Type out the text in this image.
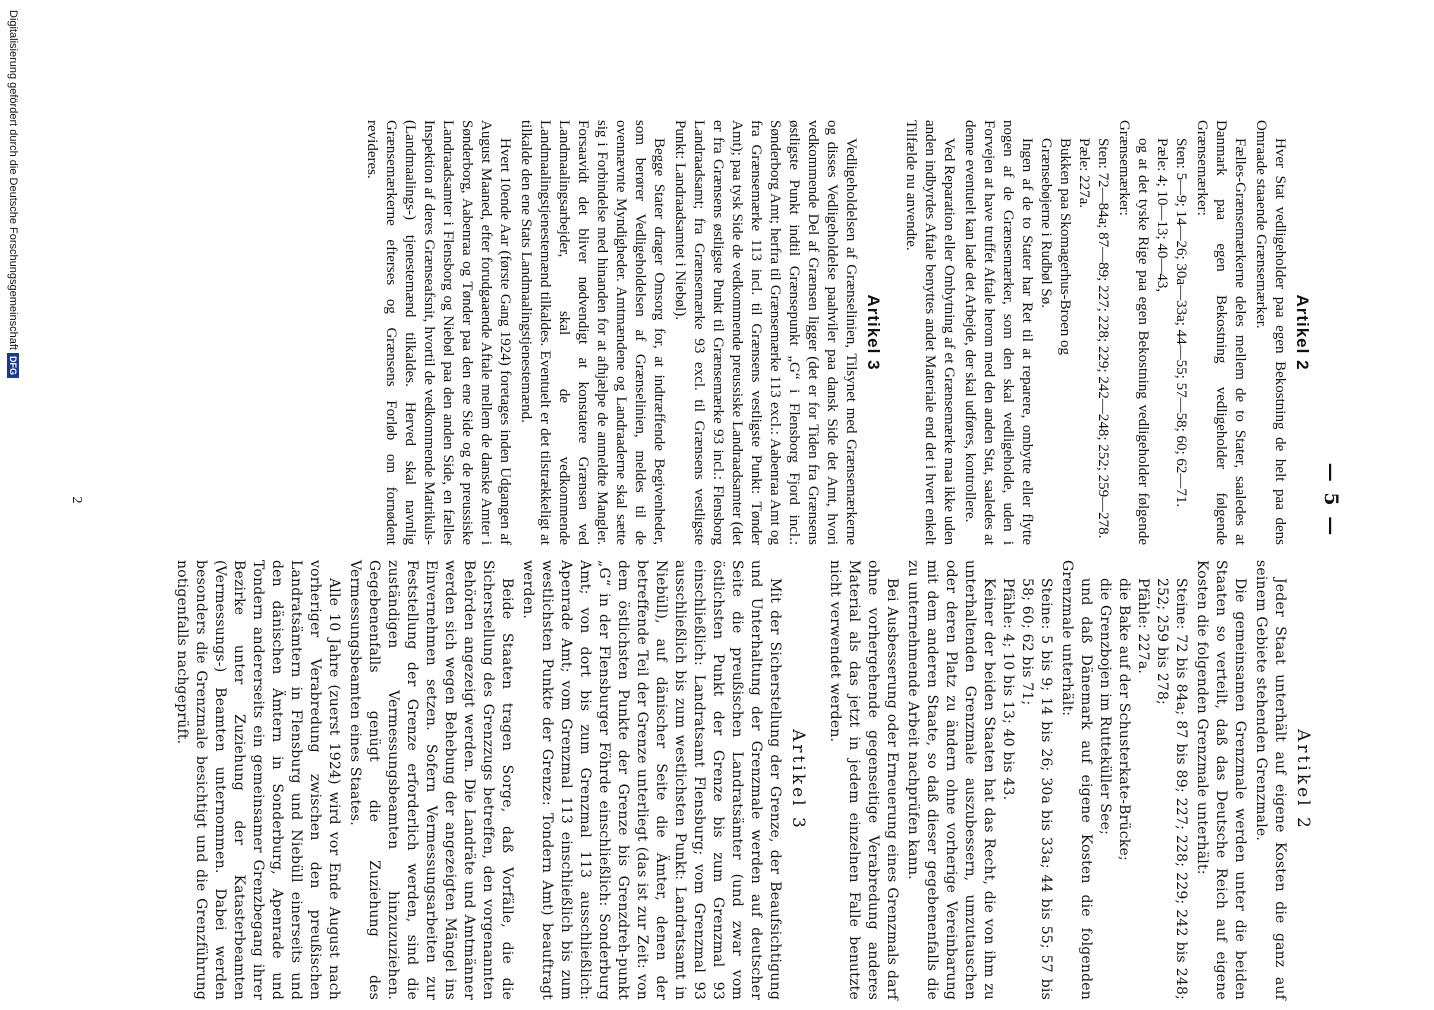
— 5 —
Artikel 2

Hver Stat vedligeholder paa egen Bekostning de helt paa dens Omraade staaende Grænsemærker.

Fælles-Grænsemærkerne deles mellem de to Stater, saaledes at Danmark paa egen Bekostning vedligeholder følgende Grænsemærker:

Sten: 5—9; 14—26; 30a—33a; 44—55; 57—58; 60; 62—71.

Pæle: 4; 10—13; 40—43,

og at det tyske Rige paa egen Bekostning vedligeholder følgende Grænsemærker:

Sten: 72—84a; 87—89; 227; 228; 229; 242—248; 252; 259—278.

Pæle: 227a.

Bukken paa Skomagerhus-Broen og

Grænsebøjerne i Rudbøl Sø.

Ingen af de to Stater har Ret til at reparere, ombytte eller flytte nogen af de Grænsemærker, som den skal vedligeholde, uden i Forvejen at have truffet Aftale herom med den anden Stat, saaledes at denne eventuelt kan lade det Arbejde, der skal udføres, kontrollere.

Ved Reparation eller Ombytning af et Grænsemærke maa ikke uden anden indbyrdes Aftale benyttes andet Materiale end det i hvert enkelt Tilfælde nu anvendte.

Artikel 3

Vedligeholdelsen af Grænselinien, Tilsynet med Grænsemærkerne og disses Vedligeholdelse paahviler paa dansk Side det Amt, hvori vedkommende Del af Grænsen ligger (det er for Tiden fra Grænsens østligste Punkt indtil Grænsepunkt „G“ i Flensborg Fjord incl.: Sønderborg Amt; herfra til Grænsemærke 113 excl.: Aabenraa Amt og fra Grænsemærke 113 incl. til Grænsens vestligste Punkt: Tønder Amt); paa tysk Side de vedkommende preussiske Landraadsamter (det er fra Grænsens østligste Punkt til Grænsemærke 93 incl.: Flensborg Landraadsamt; fra Grænsemærke 93 excl. til Grænsens vestligste Punkt: Landraadsamtet i Niebøl).

Begge Stater drager Omsorg for, at indtræffende Begivenheder, som berører Vedligeholdelsen af Grænselinien, meldes til de ovennævnte Myndigheder. Amtmændene og Landraaderne skal sætte sig i Forbindelse med hinanden for at afhjælpe de anmeldte Mangler. Forsaavidt det bliver nødvendigt at konstatere Grænsen ved Landmaalingsarbejder, skal de vedkommende Landmaalingstjenestemænd tilkaldes. Eventuelt er det tilstrækkeligt at tilkalde den ene Stats Landmaalingstjenestemænd.

Hvert 10ende Aar (første Gang 1924) foretages inden Udgangen af August Maaned, efter forudgaaende Aftale mellem de danske Amter i Sønderborg, Aabenraa og Tønder paa den ene Side og de preussiske Landraadsamter i Flensborg og Niebøl paa den anden Side, en fælles Inspektion af deres Grænseafsnit, hvortil de vedkommende Matrikuls- (Landmaalings-) tjenestemænd tilkaldes. Herved skal navnlig Grænsemærkerne efterses og Grænsens Forløb om fornødent revideres.

Artikel 2

Jeder Staat unterhält auf eigene Kosten die ganz auf seinem Gebiete stehenden Grenzmale.

Die gemeinsamen Grenzmale werden unter die beiden Staaten so verteilt, daß das Deutsche Reich auf eigene Kosten die folgenden Grenzmale unterhält:

Steine: 72 bis 84a; 87 bis 89; 227; 228; 229; 242 bis 248; 252; 259 bis 278;

Pfähle: 227a.

die Bake auf der Schusterkate-Brücke;

die Grenzbojen im Rutteküller See;

und daß Dänemark auf eigene Kosten die folgenden Grenzmale unterhält:

Steine: 5 bis 9; 14 bis 26; 30a bis 33a; 44 bis 55; 57 bis 58; 60; 62 bis 71;

Pfähle: 4; 10 bis 13; 40 bis 43.

Keiner der beiden Staaten hat das Recht, die von ihm zu unterhaltenden Grenzmale auszubessern, umzutauschen oder deren Platz zu ändern ohne vorherige Vereinbarung mit dem anderen Staate, so daß dieser gegebenenfalls die zu unternehmende Arbeit nachprüfen kann.

Bei Ausbesserung oder Erneuerung eines Grenzmals darf ohne vorhergehende gegenseitige Verabredung anderes Material als das jetzt in jedem einzelnen Falle benutzte nicht verwendet werden.

Artikel 3

Mit der Sicherstellung der Grenze, der Beaufsichtigung und Unterhaltung der Grenzmale werden auf deutscher Seite die preußischen Landratsämter (und zwar vom östlichsten Punkt der Grenze bis zum Grenzmal 93 einschließlich: Landratsamt Flensburg; vom Grenzmal 93 ausschließlich bis zum westlichsten Punkt: Landratsamt in Niebüll), auf dänischer Seite die Ämter, denen der betreffende Teil der Grenze unterliegt (das ist zur Zeit: von dem östlichsten Punkte der Grenze bis Grenzdreh-punkt „G“ in der Flensburger Föhrde einschließlich: Sonderburg Amt; von dort bis zum Grenzmal 113 ausschließlich: Apenrade Amt; vom Grenzmal 113 einschließlich bis zum westlichsten Punkte der Grenze: Tondern Amt) beauftragt werden.

Beide Staaten tragen Sorge, daß Vorfälle, die die Sicherstellung des Grenzzugs betreffen, den vorgenannten Behörden angezeigt werden. Die Landräte und Amtmänner werden sich wegen Behebung der angezeigten Mängel ins Einvernehmen setzen. Sofern Vermessungsarbeiten zur Feststellung der Grenze erforderlich werden, sind die zuständigen Vermessungsbeamten hinzuzuziehen. Gegebenenfalls genügt die Zuziehung des Vermessungsbeamten eines Staates.

Alle 10 Jahre (zuerst 1924) wird vor Ende August nach vorheriger Verabredung zwischen den preußischen Landratsämtern in Flensburg und Niebüll einerseits und den dänischen Ämtern in Sonderburg, Apenrade und Tondern andererseits ein gemeinsamer Grenzbegang ihrer Bezirke unter Zuziehung der Katasterbeamten (Vermessungs-) Beamten unternommen. Dabei werden besonders die Grenzmale besichtigt und die Grenzführung notigenfalls nachgeprüft.

2
Digitalisierung gefördert durch die Deutsche Forschungsgemeinschaft DFG
